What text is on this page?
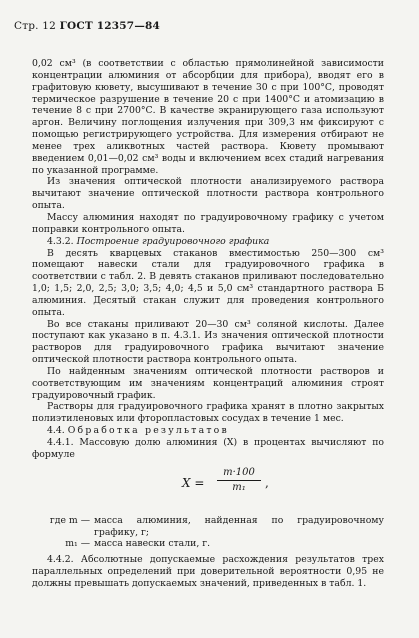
Стр. 12 ГОСТ 12357—84

0,02 см³ (в соответствии с областью прямолинейной зависимости концентрации алюминия от абсорбции для прибора), вводят его в графитовую кювету, высушивают в течение 30 с при 100°С, проводят термическое разрушение в течение 20 с при 1400°С и атомизацию в течение 8 с при 2700°С. В качестве экранирующего газа используют аргон. Величину поглощения излучения при 309,3 нм фиксируют с помощью регистрирующего устройства. Для измерения отбирают не менее трех аликвотных частей раствора. Кювету промывают введением 0,01—0,02 см³ воды и включением всех стадий нагревания по указанной программе.

Из значения оптической плотности анализируемого раствора вычитают значение оптической плотности раствора контрольного опыта.

Массу алюминия находят по градуировочному графику с учетом поправки контрольного опыта.

4.3.2. Построение градуировочного графика

В десять кварцевых стаканов вместимостью 250—300 см³ помещают навески стали для градуировочного графика в соответствии с табл. 2. В девять стаканов приливают последовательно 1,0; 1,5; 2,0, 2,5; 3,0; 3,5; 4,0; 4,5 и 5,0 см³ стандартного раствора Б алюминия. Десятый стакан служит для проведения контрольного опыта.

Во все стаканы приливают 20—30 см³ соляной кислоты. Далее поступают как указано в п. 4.3.1. Из значения оптической плотности растворов для градуировочного графика вычитают значение оптической плотности раствора контрольного опыта.

По найденным значениям оптической плотности растворов и соответствующим им значениям концентраций алюминия строят градуировочный график.

Растворы для градуировочного графика хранят в плотно закрытых полиэтиленовых или фторопластовых сосудах в течение 1 мес.

4.4. Обработка результатов

4.4.1. Массовую долю алюминия (X) в процентах вычисляют по формуле

$X = \frac{m\cdot 100}{\text{m₁}}$ ,
где m — масса алюминия, найденная по градуировочному графику, г;
m₁ — масса навески стали, г.

4.4.2. Абсолютные допускаемые расхождения результатов трех параллельных определений при доверительной вероятности 0,95 не должны превышать допускаемых значений, приведенных в табл. 1.
